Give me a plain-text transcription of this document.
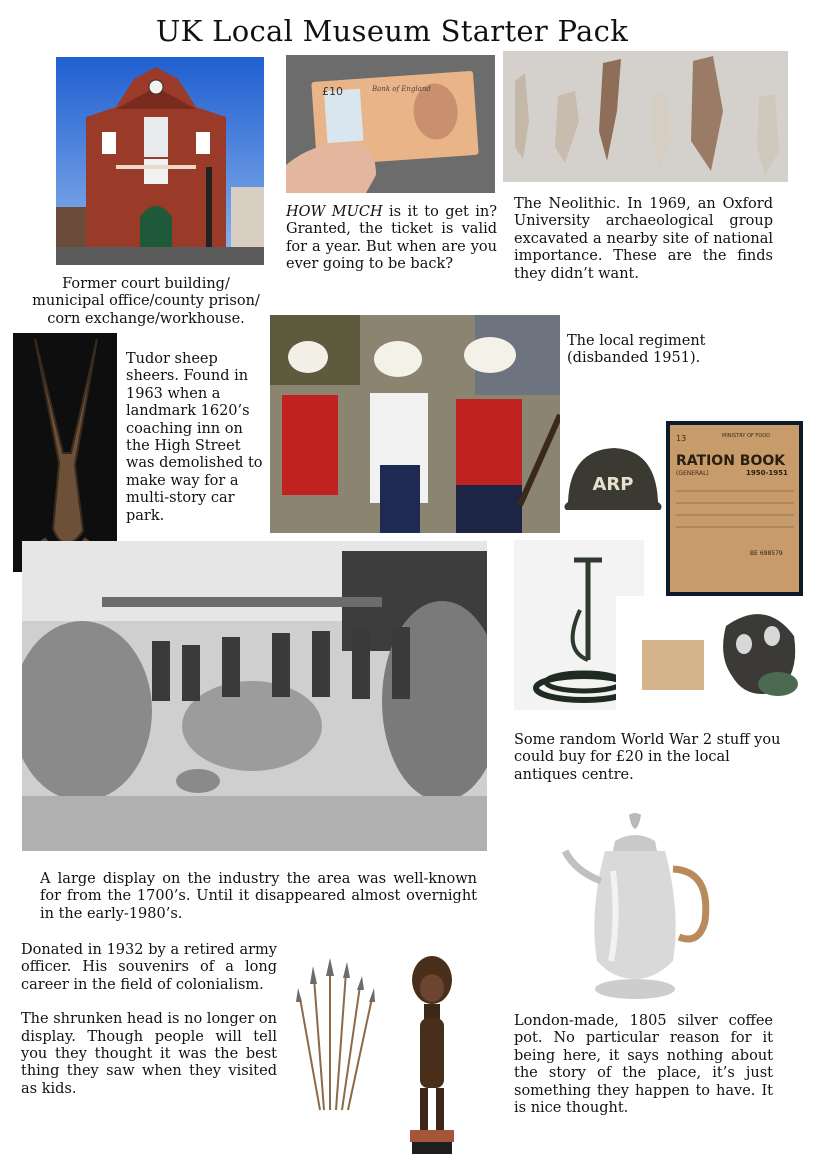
UK Local Museum Starter Pack
Former court building/ municipal office/county prison/ corn exchange/workhouse.
£10	Bank of England
HOW MUCH is it to get in? Granted, the ticket is valid for a year. But when are you ever going to be back?
The Neolithic. In 1969, an Oxford University archaeological group excavated a nearby site of national importance. These are the finds they didn’t want.
Tudor sheep sheers. Found in 1963 when a landmark 1620’s coaching inn on the High Street was demolished to make way for a multi-story car park.
The local regiment (disbanded 1951).
ARP
13	MINISTRY OF FOOD
RATION BOOK
(GENERAL)	1950-1951
BE 698579
Some random World War 2 stuff you could buy for £20 in the local antiques centre.
A large display on the industry the area was well-known for from the 1700’s. Until it disappeared almost overnight in the early-1980’s.
Donated in 1932 by a retired army officer. His souvenirs of a long career in the field of colonialism.
The shrunken head is no longer on display. Though people will tell you they thought it was the best thing they saw when they visited as kids.
London-made, 1805 silver coffee pot. No particular reason for it being here, it says nothing about the story of the place, it’s just something they happen to have. It is nice thought.
